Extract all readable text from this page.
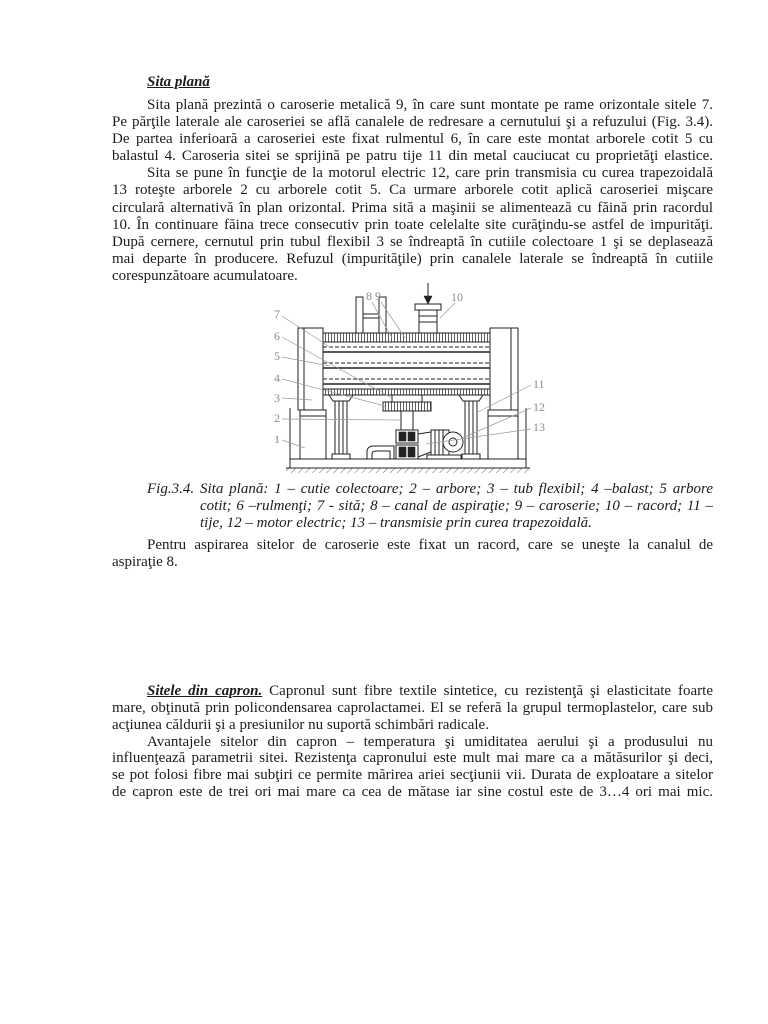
Sita plană
Sita plană prezintă o caroserie metalică 9, în care sunt montate pe rame orizontale sitele 7.
Pe părţile laterale ale caroseriei se află canalele de redresare a cernutului şi a refuzului (Fig. 3.4).
De partea inferioară a caroseriei este fixat rulmentul 6, în care este montat arborele cotit 5 cu
balastul 4. Caroseria sitei se sprijină pe patru tije 11 din metal cauciucat cu proprietăţi elastice.
Sita se pune în funcţie de la motorul electric 12, care prin transmisia cu curea trapezoidală
13 roteşte arborele 2 cu arborele cotit 5. Ca urmare arborele cotit aplică caroseriei mişcare
circulară alternativă în plan orizontal. Prima sită a maşinii se alimentează cu făină prin racordul
10. În continuare făina trece consecutiv prin toate celelalte site curăţindu-se astfel de impurităţi.
După cernere, cernutul prin tubul flexibil 3 se îndreaptă în cutiile colectoare 1 şi se deplasează
mai departe în producere. Refuzul (impurităţile) prin canalele laterale se îndreaptă în cutiile
corespunzătoare acumulatoare.
7
6
5
4
3
2
1
8 9	10
11
12
13
Fig.3.4. Sita plană: 1 – cutie colectoare; 2 – arbore; 3 – tub flexibil; 4 –balast; 5 arbore
cotit; 6 –rulmenţi; 7 - sită; 8 – canal de aspiraţie; 9 – caroserie; 10 – racord; 11 –
tije, 12 – motor electric; 13 – transmisie prin curea trapezoidală.
Pentru aspirarea sitelor de caroserie este fixat un racord, care se uneşte la canalul de
aspiraţie 8.
Sitele din capron. Capronul sunt fibre textile sintetice, cu rezistenţă şi elasticitate foarte
mare, obţinută prin policondensarea caprolactamei. El se referă la grupul termoplastelor, care sub
acţiunea căldurii şi a presiunilor nu suportă schimbări radicale.
Avantajele sitelor din capron – temperatura şi umiditatea aerului şi a produsului nu
influenţează parametrii sitei. Rezistenţa capronului este mult mai mare ca a mătăsurilor şi deci,
se pot folosi fibre mai subţiri ce permite mărirea ariei secţiunii vii. Durata de exploatare a sitelor
de capron este de trei ori mai mare ca cea de mătase iar sine costul este de 3…4 ori mai mic.
